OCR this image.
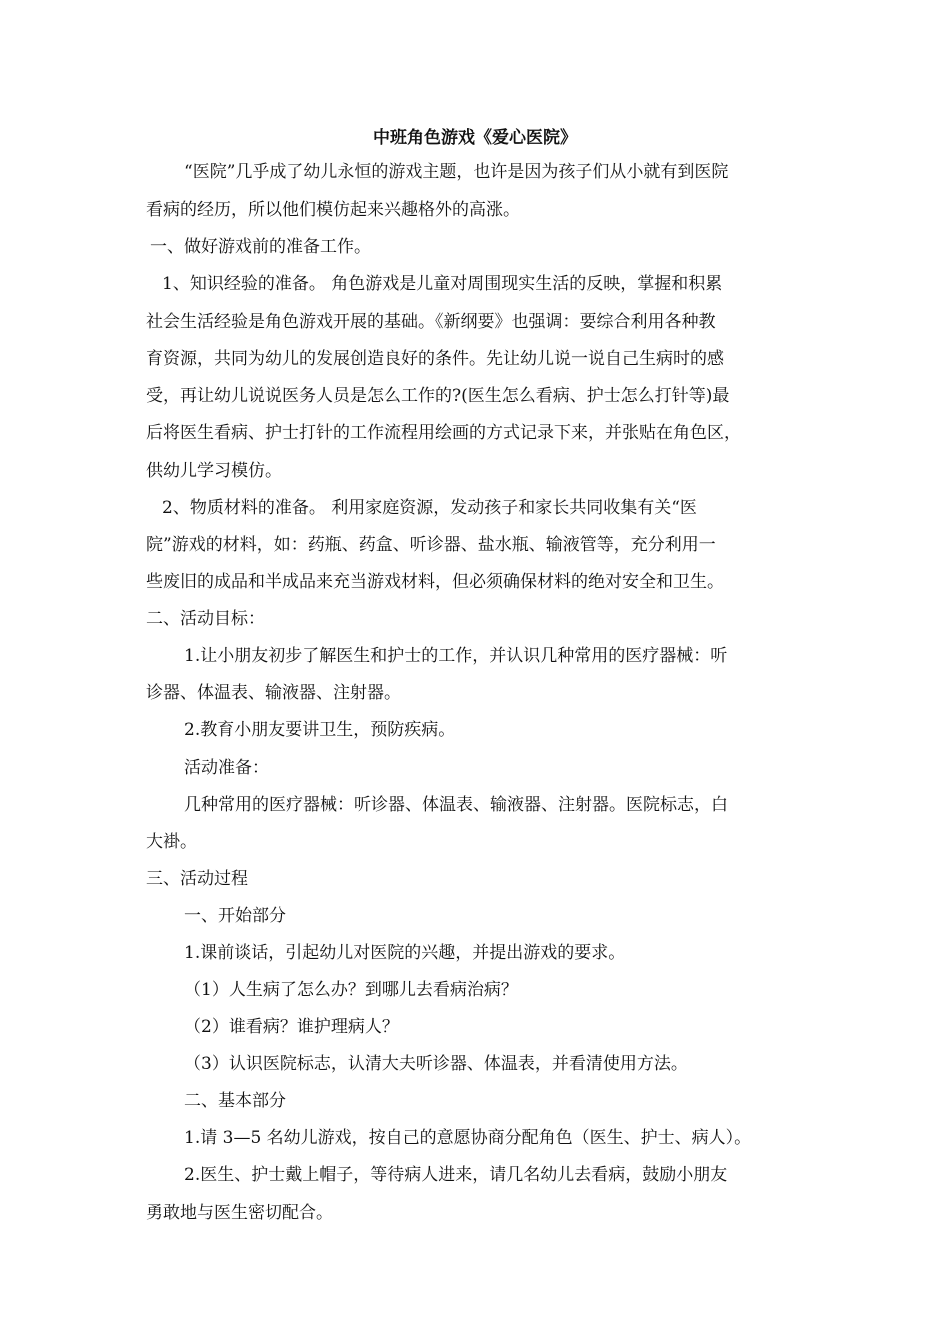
中班角色游戏《爱心医院》
“医院”几乎成了幼儿永恒的游戏主题，也许是因为孩子们从小就有到医院
看病的经历，所以他们模仿起来兴趣格外的高涨。
一、做好游戏前的准备工作。
1、知识经验的准备。 角色游戏是儿童对周围现实生活的反映，掌握和积累
社会生活经验是角色游戏开展的基础。《新纲要》也强调：要综合利用各种教
育资源，共同为幼儿的发展创造良好的条件。先让幼儿说一说自己生病时的感
受，再让幼儿说说医务人员是怎么工作的?(医生怎么看病、护士怎么打针等)最
后将医生看病、护士打针的工作流程用绘画的方式记录下来，并张贴在角色区，
供幼儿学习模仿。
2、物质材料的准备。 利用家庭资源，发动孩子和家长共同收集有关“医
院”游戏的材料，如：药瓶、药盒、听诊器、盐水瓶、输液管等，充分利用一
些废旧的成品和半成品来充当游戏材料，但必须确保材料的绝对安全和卫生。
二、活动目标：
1.让小朋友初步了解医生和护士的工作，并认识几种常用的医疗器械：听
诊器、体温表、输液器、注射器。
2.教育小朋友要讲卫生，预防疾病。
活动准备：
几种常用的医疗器械：听诊器、体温表、输液器、注射器。医院标志，白
大褂。
三、活动过程
一、开始部分
1.课前谈话，引起幼儿对医院的兴趣，并提出游戏的要求。
（1）人生病了怎么办？到哪儿去看病治病？
（2）谁看病？谁护理病人？
（3）认识医院标志，认清大夫听诊器、体温表，并看清使用方法。
二、基本部分
1.请 3—5 名幼儿游戏，按自己的意愿协商分配角色（医生、护士、病人）。
2.医生、护士戴上帽子，等待病人进来，请几名幼儿去看病，鼓励小朋友
勇敢地与医生密切配合。
